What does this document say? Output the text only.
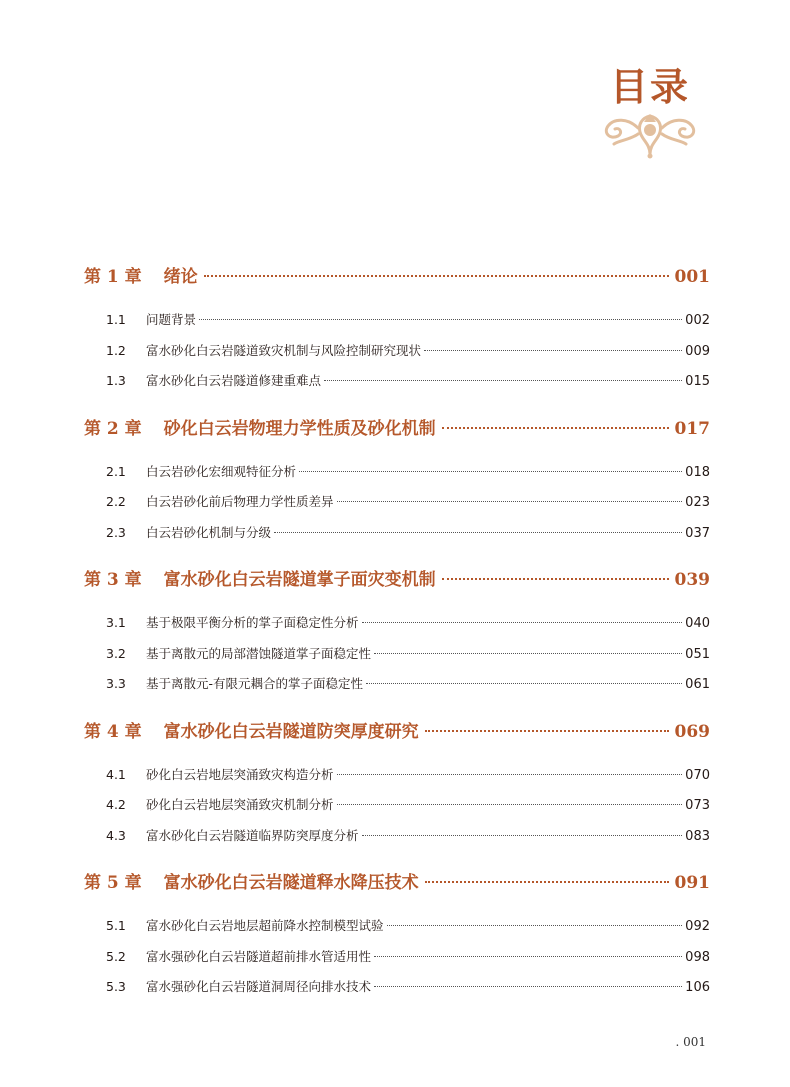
目录
第 1 章 绪论	001
1.1	问题背景	002
1.2	富水砂化白云岩隧道致灾机制与风险控制研究现状	009
1.3	富水砂化白云岩隧道修建重难点	015
第 2 章 砂化白云岩物理力学性质及砂化机制	017
2.1	白云岩砂化宏细观特征分析	018
2.2	白云岩砂化前后物理力学性质差异	023
2.3	白云岩砂化机制与分级	037
第 3 章 富水砂化白云岩隧道掌子面灾变机制	039
3.1	基于极限平衡分析的掌子面稳定性分析	040
3.2	基于离散元的局部潜蚀隧道掌子面稳定性	051
3.3	基于离散元-有限元耦合的掌子面稳定性	061
第 4 章 富水砂化白云岩隧道防突厚度研究	069
4.1	砂化白云岩地层突涌致灾构造分析	070
4.2	砂化白云岩地层突涌致灾机制分析	073
4.3	富水砂化白云岩隧道临界防突厚度分析	083
第 5 章 富水砂化白云岩隧道释水降压技术	091
5.1	富水砂化白云岩地层超前降水控制模型试验	092
5.2	富水强砂化白云岩隧道超前排水管适用性	098
5.3	富水强砂化白云岩隧道洞周径向排水技术	106
. 001
